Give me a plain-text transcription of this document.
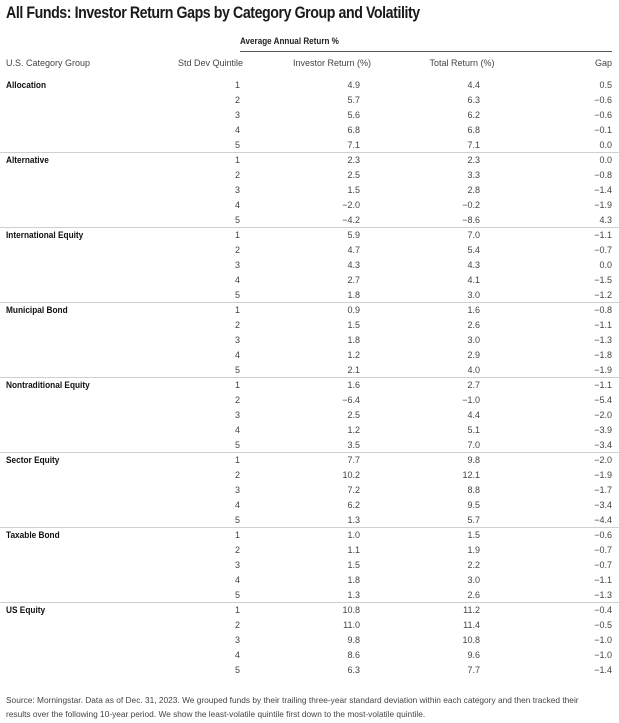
All Funds: Investor Return Gaps by Category Group and Volatility
Average Annual Return %
U.S. Category Group	Std Dev Quintile	Investor Return (%)	Total Return (%)	Gap
Allocation	1	4.9	4.4	0.5
2	5.7	6.3	−0.6
3	5.6	6.2	−0.6
4	6.8	6.8	−0.1
5	7.1	7.1	0.0
Alternative	1	2.3	2.3	0.0
2	2.5	3.3	−0.8
3	1.5	2.8	−1.4
4	−2.0	−0.2	−1.9
5	−4.2	−8.6	4.3
International Equity	1	5.9	7.0	−1.1
2	4.7	5.4	−0.7
3	4.3	4.3	0.0
4	2.7	4.1	−1.5
5	1.8	3.0	−1.2
Municipal Bond	1	0.9	1.6	−0.8
2	1.5	2.6	−1.1
3	1.8	3.0	−1.3
4	1.2	2.9	−1.8
5	2.1	4.0	−1.9
Nontraditional Equity	1	1.6	2.7	−1.1
2	−6.4	−1.0	−5.4
3	2.5	4.4	−2.0
4	1.2	5.1	−3.9
5	3.5	7.0	−3.4
Sector Equity	1	7.7	9.8	−2.0
2	10.2	12.1	−1.9
3	7.2	8.8	−1.7
4	6.2	9.5	−3.4
5	1.3	5.7	−4.4
Taxable Bond	1	1.0	1.5	−0.6
2	1.1	1.9	−0.7
3	1.5	2.2	−0.7
4	1.8	3.0	−1.1
5	1.3	2.6	−1.3
US Equity	1	10.8	11.2	−0.4
2	11.0	11.4	−0.5
3	9.8	10.8	−1.0
4	8.6	9.6	−1.0
5	6.3	7.7	−1.4
Source: Morningstar. Data as of Dec. 31, 2023. We grouped funds by their trailing three-year standard deviation within each category and then tracked their results over the following 10-year period. We show the least-volatile quintile first down to the most-volatile quintile.
